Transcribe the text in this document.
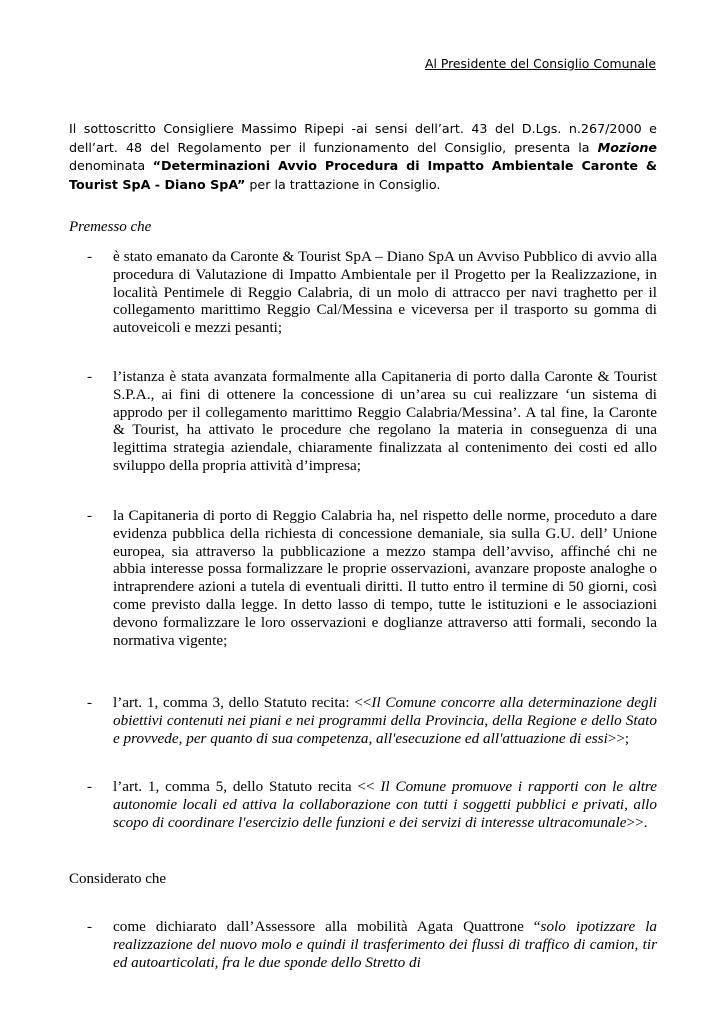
Al Presidente del Consiglio Comunale

Il sottoscritto Consigliere Massimo Ripepi -ai sensi dell’art. 43 del D.Lgs. n.267/2000 e dell’art. 48 del Regolamento per il funzionamento del Consiglio, presenta la Mozione denominata “Determinazioni Avvio Procedura di Impatto Ambientale Caronte & Tourist SpA - Diano SpA” per la trattazione in Consiglio.

Premesso che

- è stato emanato da Caronte & Tourist SpA – Diano SpA un Avviso Pubblico di avvio alla procedura di Valutazione di Impatto Ambientale per il Progetto per la Realizzazione, in località Pentimele di Reggio Calabria, di un molo di attracco per navi traghetto per il collegamento marittimo Reggio Cal/Messina e viceversa per il trasporto su gomma di autoveicoli e mezzi pesanti;
- l’istanza è stata avanzata formalmente alla Capitaneria di porto dalla Caronte & Tourist S.P.A., ai fini di ottenere la concessione di un’area su cui realizzare ‘un sistema di approdo per il collegamento marittimo Reggio Calabria/Messina’. A tal fine, la Caronte & Tourist, ha attivato le procedure che regolano la materia in conseguenza di una legittima strategia aziendale, chiaramente finalizzata al contenimento dei costi ed allo sviluppo della propria attività d’impresa;
- la Capitaneria di porto di Reggio Calabria ha, nel rispetto delle norme, proceduto a dare evidenza pubblica della richiesta di concessione demaniale, sia sulla G.U. dell’ Unione europea, sia attraverso la pubblicazione a mezzo stampa dell’avviso, affinché chi ne abbia interesse possa formalizzare le proprie osservazioni, avanzare proposte analoghe o intraprendere azioni a tutela di eventuali diritti. Il tutto entro il termine di 50 giorni, così come previsto dalla legge. In detto lasso di tempo, tutte le istituzioni e le associazioni devono formalizzare le loro osservazioni e doglianze attraverso atti formali, secondo la normativa vigente;
- l’art. 1, comma 3, dello Statuto recita: <<Il Comune concorre alla determinazione degli obiettivi contenuti nei piani e nei programmi della Provincia, della Regione e dello Stato e provvede, per quanto di sua competenza, all'esecuzione ed all'attuazione di essi>>;
- l’art. 1, comma 5, dello Statuto recita << Il Comune promuove i rapporti con le altre autonomie locali ed attiva la collaborazione con tutti i soggetti pubblici e privati, allo scopo di coordinare l'esercizio delle funzioni e dei servizi di interesse ultracomunale>>.

Considerato che

- come dichiarato dall’Assessore alla mobilità Agata Quattrone “solo ipotizzare la realizzazione del nuovo molo e quindi il trasferimento dei flussi di traffico di camion, tir ed autoarticolati, fra le due sponde dello Stretto di
